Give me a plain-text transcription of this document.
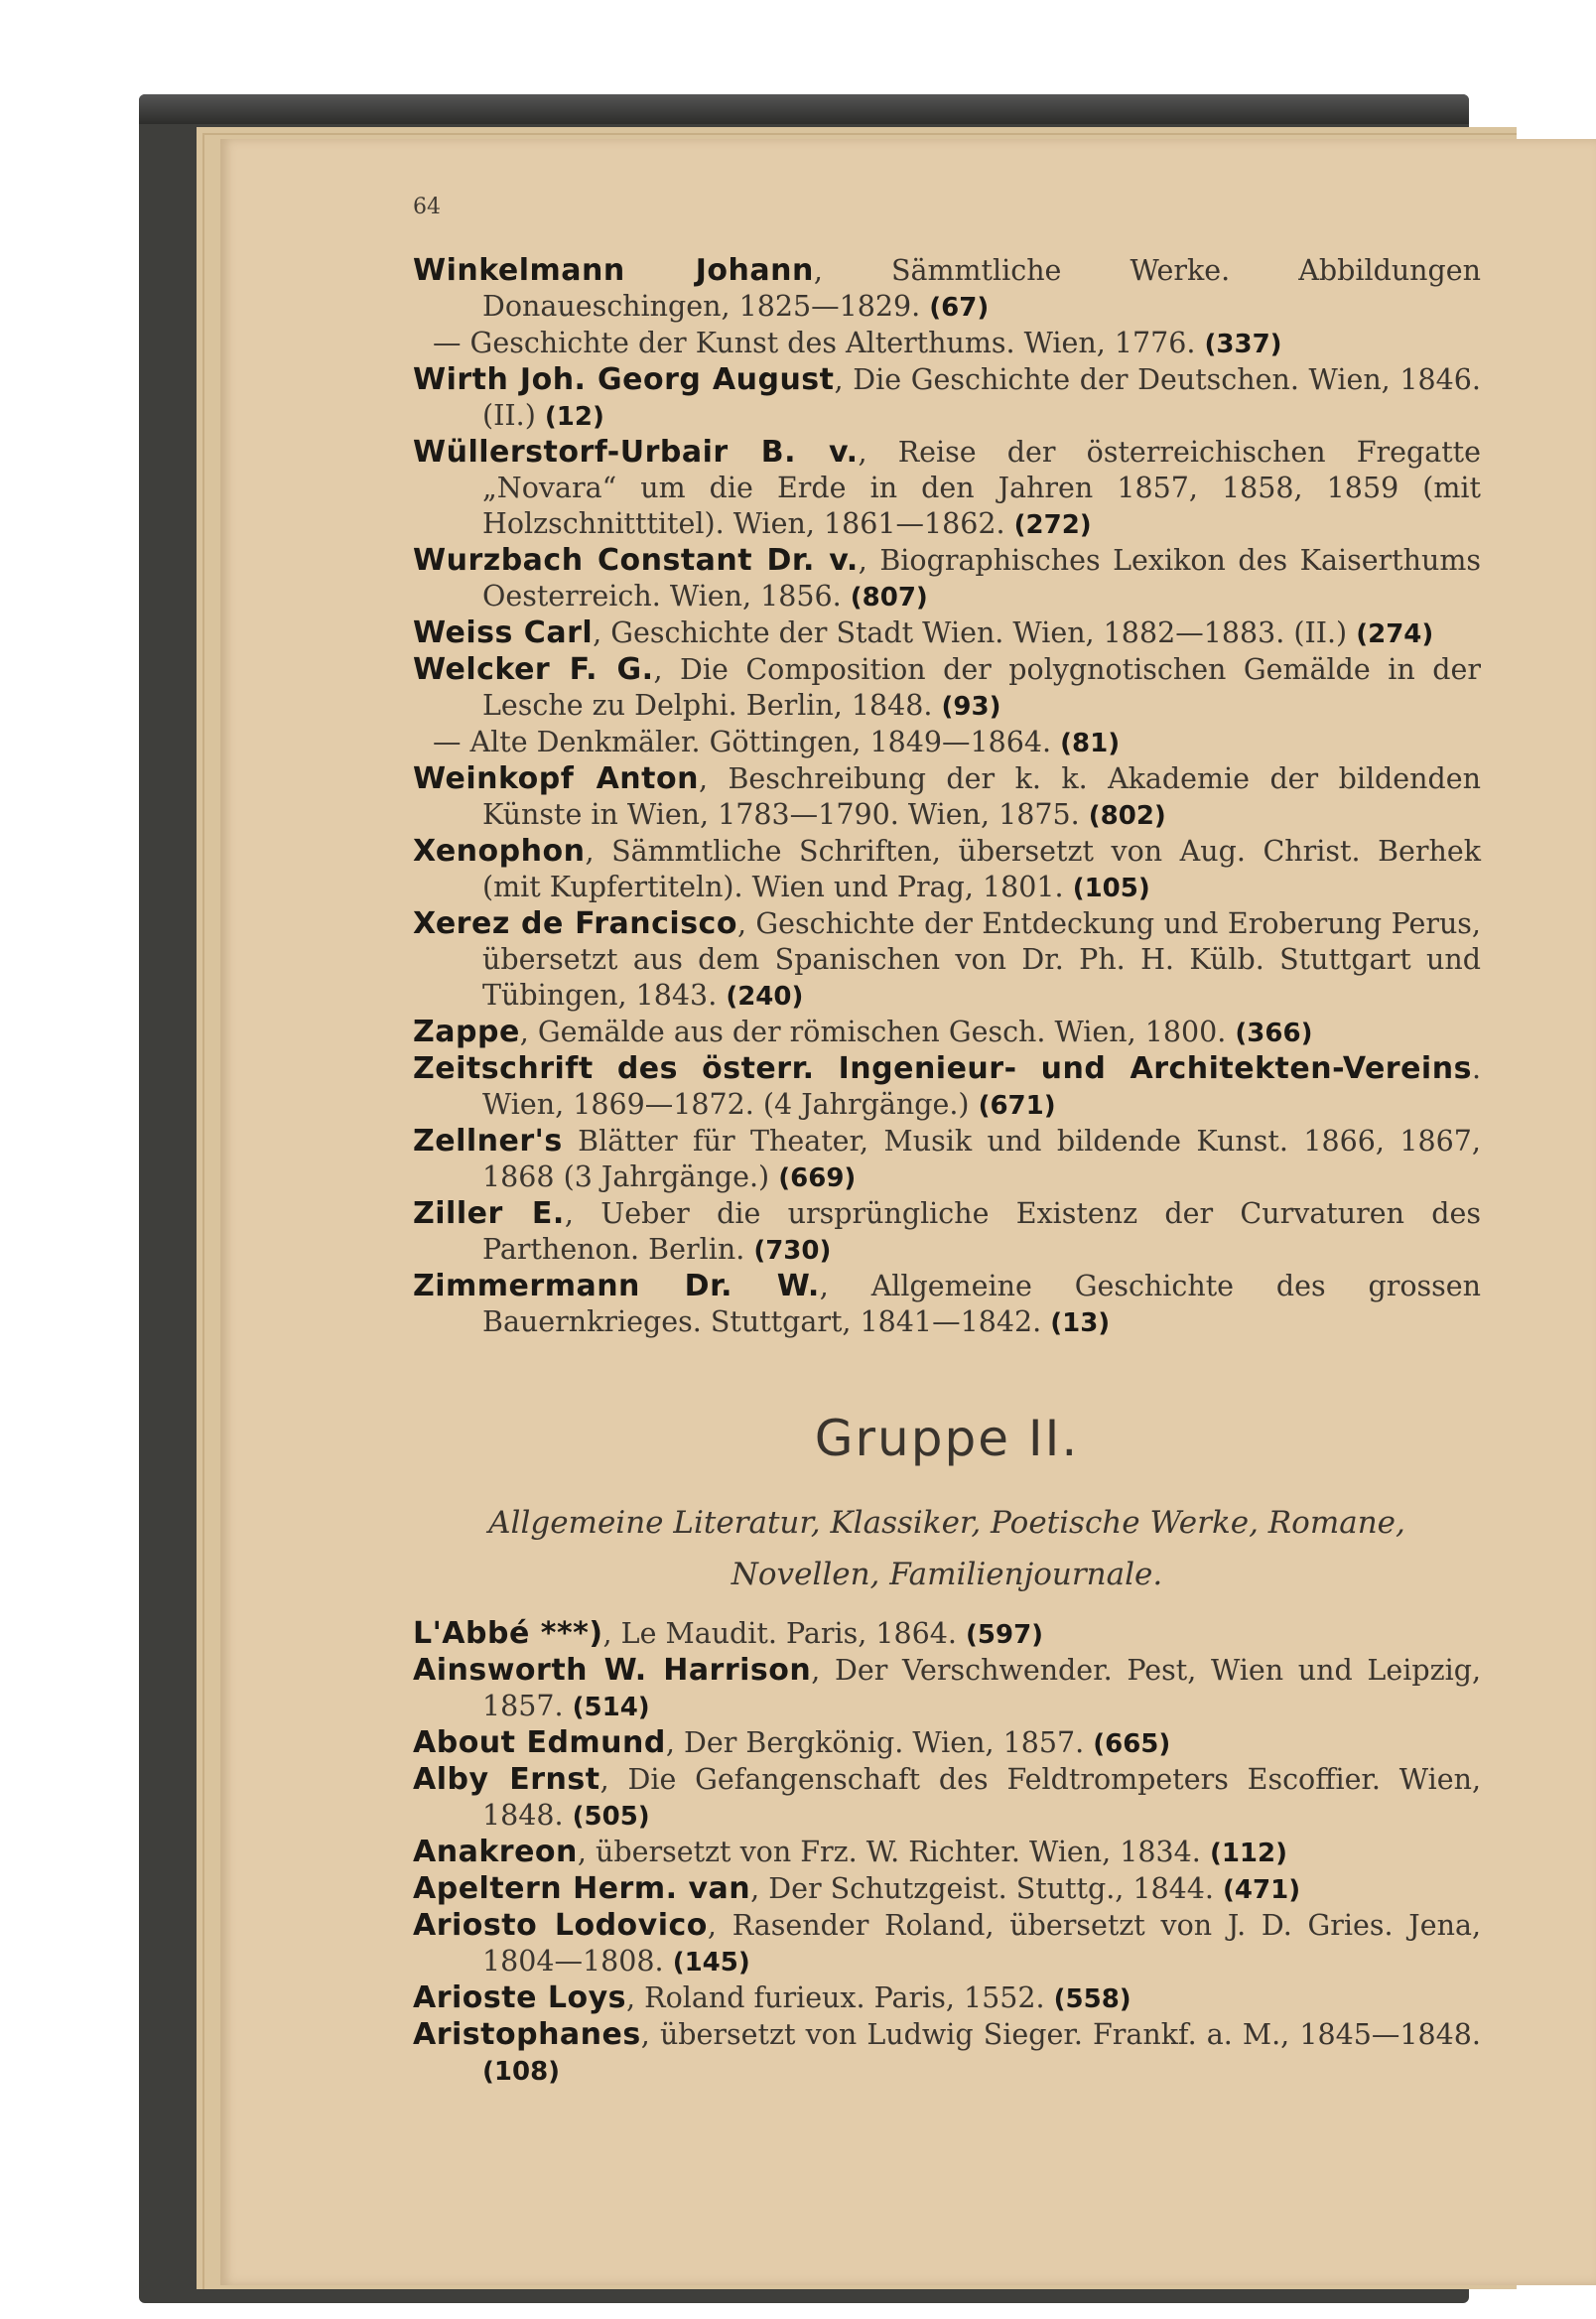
64
Winkelmann Johann, Sämmtliche Werke. Abbildungen Donaueschingen, 1825—1829. (67)
— Geschichte der Kunst des Alterthums. Wien, 1776. (337)
Wirth Joh. Georg August, Die Geschichte der Deutschen. Wien, 1846. (II.) (12)
Wüllerstorf-Urbair B. v., Reise der österreichischen Fregatte „Novara“ um die Erde in den Jahren 1857, 1858, 1859 (mit Holzschnitttitel). Wien, 1861—1862. (272)
Wurzbach Constant Dr. v., Biographisches Lexikon des Kaiserthums Oesterreich. Wien, 1856. (807)
Weiss Carl, Geschichte der Stadt Wien. Wien, 1882—1883. (II.) (274)
Welcker F. G., Die Composition der polygnotischen Gemälde in der Lesche zu Delphi. Berlin, 1848. (93)
— Alte Denkmäler. Göttingen, 1849—1864. (81)
Weinkopf Anton, Beschreibung der k. k. Akademie der bildenden Künste in Wien, 1783—1790. Wien, 1875. (802)
Xenophon, Sämmtliche Schriften, übersetzt von Aug. Christ. Berhek (mit Kupfertiteln). Wien und Prag, 1801. (105)
Xerez de Francisco, Geschichte der Entdeckung und Eroberung Perus, übersetzt aus dem Spanischen von Dr. Ph. H. Külb. Stuttgart und Tübingen, 1843. (240)
Zappe, Gemälde aus der römischen Gesch. Wien, 1800. (366)
Zeitschrift des österr. Ingenieur- und Architekten-Vereins. Wien, 1869—1872. (4 Jahrgänge.) (671)
Zellner's Blätter für Theater, Musik und bildende Kunst. 1866, 1867, 1868 (3 Jahrgänge.) (669)
Ziller E., Ueber die ursprüngliche Existenz der Curvaturen des Parthenon. Berlin. (730)
Zimmermann Dr. W., Allgemeine Geschichte des grossen Bauernkrieges. Stuttgart, 1841—1842. (13)
Gruppe II.
Allgemeine Literatur, Klassiker, Poetische Werke, Romane, Novellen, Familienjournale.
L'Abbé ***), Le Maudit. Paris, 1864. (597)
Ainsworth W. Harrison, Der Verschwender. Pest, Wien und Leipzig, 1857. (514)
About Edmund, Der Bergkönig. Wien, 1857. (665)
Alby Ernst, Die Gefangenschaft des Feldtrompeters Escoffier. Wien, 1848. (505)
Anakreon, übersetzt von Frz. W. Richter. Wien, 1834. (112)
Apeltern Herm. van, Der Schutzgeist. Stuttg., 1844. (471)
Ariosto Lodovico, Rasender Roland, übersetzt von J. D. Gries. Jena, 1804—1808. (145)
Arioste Loys, Roland furieux. Paris, 1552. (558)
Aristophanes, übersetzt von Ludwig Sieger. Frankf. a. M., 1845—1848. (108)
